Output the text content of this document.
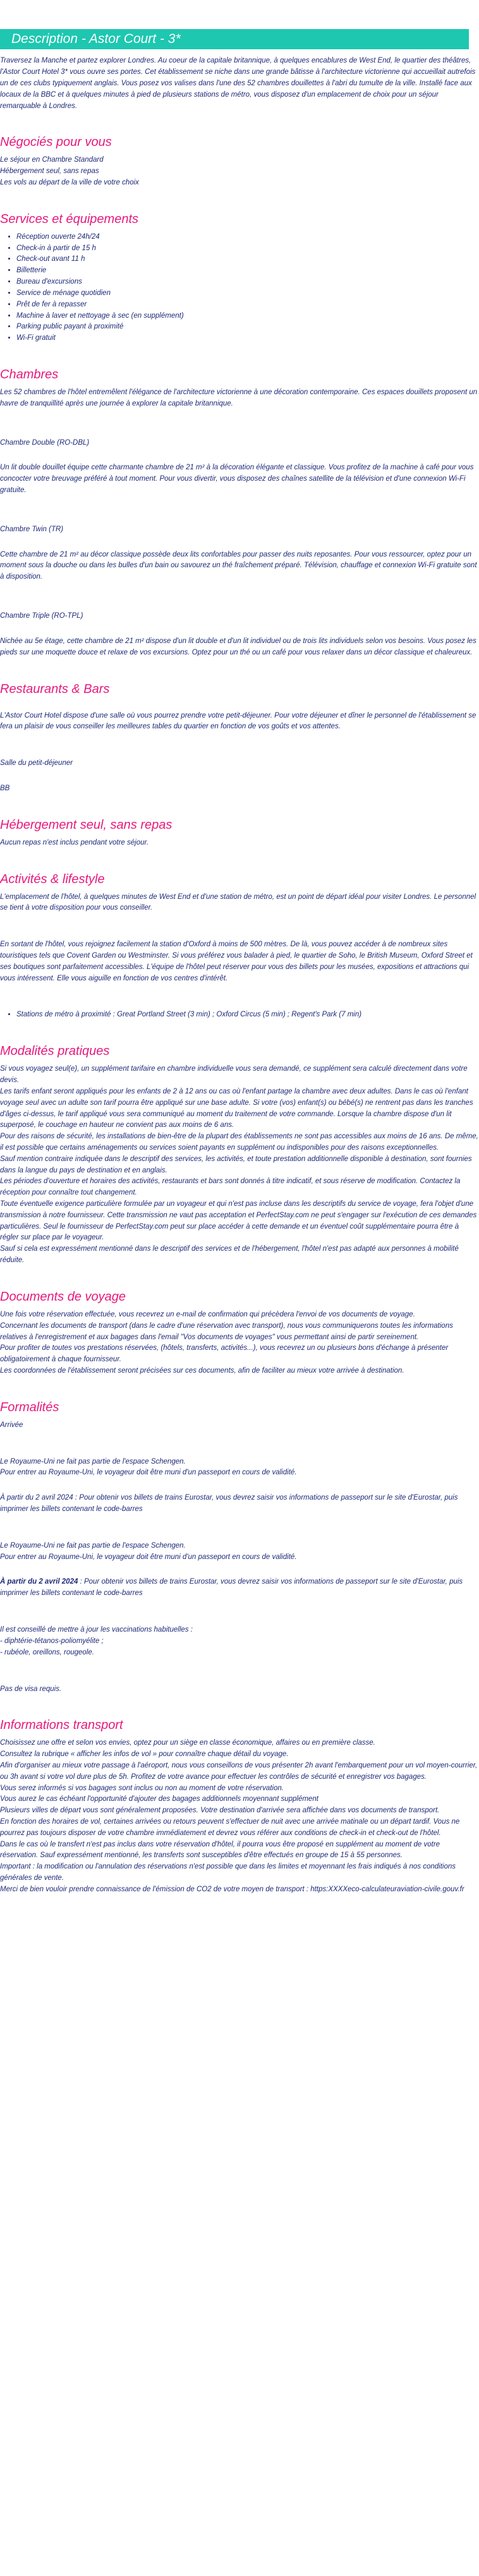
Description - Astor Court - 3*

Traversez la Manche et partez explorer Londres. Au coeur de la capitale britannique, à quelques encablures de West End, le quartier des théâtres, l'Astor Court Hotel 3* vous ouvre ses portes. Cet établissement se niche dans une grande bâtisse à l'architecture victorienne qui accueillait autrefois un de ces clubs typiquement anglais. Vous posez vos valises dans l'une des 52 chambres douillettes à l'abri du tumulte de la ville. Installé face aux locaux de la BBC et à quelques minutes à pied de plusieurs stations de métro, vous disposez d'un emplacement de choix pour un séjour remarquable à Londres.

Négociés pour vous

Le séjour en Chambre Standard

Hébergement seul, sans repas

Les vols au départ de la ville de votre choix

Services et équipements
• Réception ouverte 24h/24
• Check-in à partir de 15 h
• Check-out avant 11 h
• Billetterie
• Bureau d'excursions
• Service de ménage quotidien
• Prêt de fer à repasser
• Machine à laver et nettoyage à sec (en supplément)
• Parking public payant à proximité
• Wi-Fi gratuit
Chambres

Les 52 chambres de l'hôtel entremêlent l'élégance de l'architecture victorienne à une décoration contemporaine. Ces espaces douillets proposent un havre de tranquillité après une journée à explorer la capitale britannique.

Chambre Double (RO-DBL)

Un lit double douillet équipe cette charmante chambre de 21 m² à la décoration élégante et classique. Vous profitez de la machine à café pour vous concocter votre breuvage préféré à tout moment. Pour vous divertir, vous disposez des chaînes satellite de la télévision et d'une connexion Wi-Fi gratuite.

Chambre Twin (TR)

Cette chambre de 21 m² au décor classique possède deux lits confortables pour passer des nuits reposantes. Pour vous ressourcer, optez pour un moment sous la douche ou dans les bulles d'un bain ou savourez un thé fraîchement préparé. Télévision, chauffage et connexion Wi-Fi gratuite sont à disposition.

Chambre Triple (RO-TPL)

Nichée au 5e étage, cette chambre de 21 m² dispose d'un lit double et d'un lit individuel ou de trois lits individuels selon vos besoins. Vous posez les pieds sur une moquette douce et relaxe de vos excursions. Optez pour un thé ou un café pour vous relaxer dans un décor classique et chaleureux.

Restaurants & Bars

L'Astor Court Hotel dispose d'une salle où vous pourrez prendre votre petit-déjeuner. Pour votre déjeuner et dîner le personnel de l'établissement se fera un plaisir de vous conseiller les meilleures tables du quartier en fonction de vos goûts et vos attentes.

Salle du petit-déjeuner

BB

Hébergement seul, sans repas

Aucun repas n'est inclus pendant votre séjour.

Activités & lifestyle

L'emplacement de l'hôtel, à quelques minutes de West End et d'une station de métro, est un point de départ idéal pour visiter Londres. Le personnel se tient à votre disposition pour vous conseiller.

En sortant de l'hôtel, vous rejoignez facilement la station d'Oxford à moins de 500 mètres. De là, vous pouvez accéder à de nombreux sites touristiques tels que Covent Garden ou Westminster. Si vous préférez vous balader à pied, le quartier de Soho, le British Museum, Oxford Street et ses boutiques sont parfaitement accessibles. L'équipe de l'hôtel peut réserver pour vous des billets pour les musées, expositions et attractions qui vous intéressent. Elle vous aiguille en fonction de vos centres d'intérêt.

• Stations de métro à proximité : Great Portland Street (3 min) ; Oxford Circus (5 min) ; Regent's Park (7 min)
Modalités pratiques

Si vous voyagez seul(e), un supplément tarifaire en chambre individuelle vous sera demandé, ce supplément sera calculé directement dans votre devis.
Les tarifs enfant seront appliqués pour les enfants de 2 à 12 ans ou cas où l'enfant partage la chambre avec deux adultes. Dans le cas où l'enfant voyage seul avec un adulte son tarif pourra être appliqué sur une base adulte. Si votre (vos) enfant(s) ou bébé(s) ne rentrent pas dans les tranches d'âges ci-dessus, le tarif appliqué vous sera communiqué au moment du traitement de votre commande. Lorsque la chambre dispose d'un lit superposé, le couchage en hauteur ne convient pas aux moins de 6 ans.
Pour des raisons de sécurité, les installations de bien-être de la plupart des établissements ne sont pas accessibles aux moins de 16 ans. De même, il est possible que certains aménagements ou services soient payants en supplément ou indisponibles pour des raisons exceptionnelles.
Sauf mention contraire indiquée dans le descriptif des services, les activités, et toute prestation additionnelle disponible à destination, sont fournies dans la langue du pays de destination et en anglais.
Les périodes d'ouverture et horaires des activités, restaurants et bars sont donnés à titre indicatif, et sous réserve de modification. Contactez la réception pour connaître tout changement.
Toute éventuelle exigence particulière formulée par un voyageur et qui n'est pas incluse dans les descriptifs du service de voyage, fera l'objet d'une transmission à notre fournisseur. Cette transmission ne vaut pas acceptation et PerfectStay.com ne peut s'engager sur l'exécution de ces demandes particulières. Seul le fournisseur de PerfectStay.com peut sur place accéder à cette demande et un éventuel coût supplémentaire pourra être à régler sur place par le voyageur.
Sauf si cela est expressément mentionné dans le descriptif des services et de l'hébergement, l'hôtel n'est pas adapté aux personnes à mobilité réduite.

Documents de voyage

Une fois votre réservation effectuée, vous recevrez un e-mail de confirmation qui précèdera l'envoi de vos documents de voyage.
Concernant les documents de transport (dans le cadre d'une réservation avec transport), nous vous communiquerons toutes les informations relatives à l'enregistrement et aux bagages dans l'email "Vos documents de voyages" vous permettant ainsi de partir sereinement.
Pour profiter de toutes vos prestations réservées, (hôtels, transferts, activités...), vous recevrez un ou plusieurs bons d'échange à présenter obligatoirement à chaque fournisseur.
Les coordonnées de l'établissement seront précisées sur ces documents, afin de faciliter au mieux votre arrivée à destination.

Formalités

Arrivée

Le Royaume-Uni ne fait pas partie de l'espace Schengen.

Pour entrer au Royaume-Uni, le voyageur doit être muni d'un passeport en cours de validité.

À partir du 2 avril 2024 : Pour obtenir vos billets de trains Eurostar, vous devrez saisir vos informations de passeport sur le site d'Eurostar, puis imprimer les billets contenant le code-barres

Le Royaume-Uni ne fait pas partie de l'espace Schengen.

Pour entrer au Royaume-Uni, le voyageur doit être muni d'un passeport en cours de validité.

À partir du 2 avril 2024 : Pour obtenir vos billets de trains Eurostar, vous devrez saisir vos informations de passeport sur le site d'Eurostar, puis imprimer les billets contenant le code-barres

Il est conseillé de mettre à jour les vaccinations habituelles :

- diphtérie-tétanos-poliomyélite ;

- rubéole, oreillons, rougeole.

Pas de visa requis.

Informations transport

Choisissez une offre et selon vos envies, optez pour un siège en classe économique, affaires ou en première classe.
Consultez la rubrique « afficher les infos de vol » pour connaître chaque détail du voyage.
Afin d'organiser au mieux votre passage à l'aéroport, nous vous conseillons de vous présenter 2h avant l'embarquement pour un vol moyen-courrier, ou 3h avant si votre vol dure plus de 5h. Profitez de votre avance pour effectuer les contrôles de sécurité et enregistrer vos bagages.
Vous serez informés si vos bagages sont inclus ou non au moment de votre réservation.
Vous aurez le cas échéant l'opportunité d'ajouter des bagages additionnels moyennant supplément
Plusieurs villes de départ vous sont généralement proposées. Votre destination d'arrivée sera affichée dans vos documents de transport.
En fonction des horaires de vol, certaines arrivées ou retours peuvent s'effectuer de nuit avec une arrivée matinale ou un départ tardif. Vous ne pourrez pas toujours disposer de votre chambre immédiatement et devrez vous référer aux conditions de check-in et check-out de l'hôtel.
Dans le cas où le transfert n'est pas inclus dans votre réservation d'hôtel, il pourra vous être proposé en supplément au moment de votre réservation. Sauf expressément mentionné, les transferts sont susceptibles d'être effectués en groupe de 15 à 55 personnes.
Important : la modification ou l'annulation des réservations n'est possible que dans les limites et moyennant les frais indiqués à nos conditions générales de vente.
Merci de bien vouloir prendre connaissance de l'émission de CO2 de votre moyen de transport : https:XXXXeco-calculateuraviation-civile.gouv.fr
